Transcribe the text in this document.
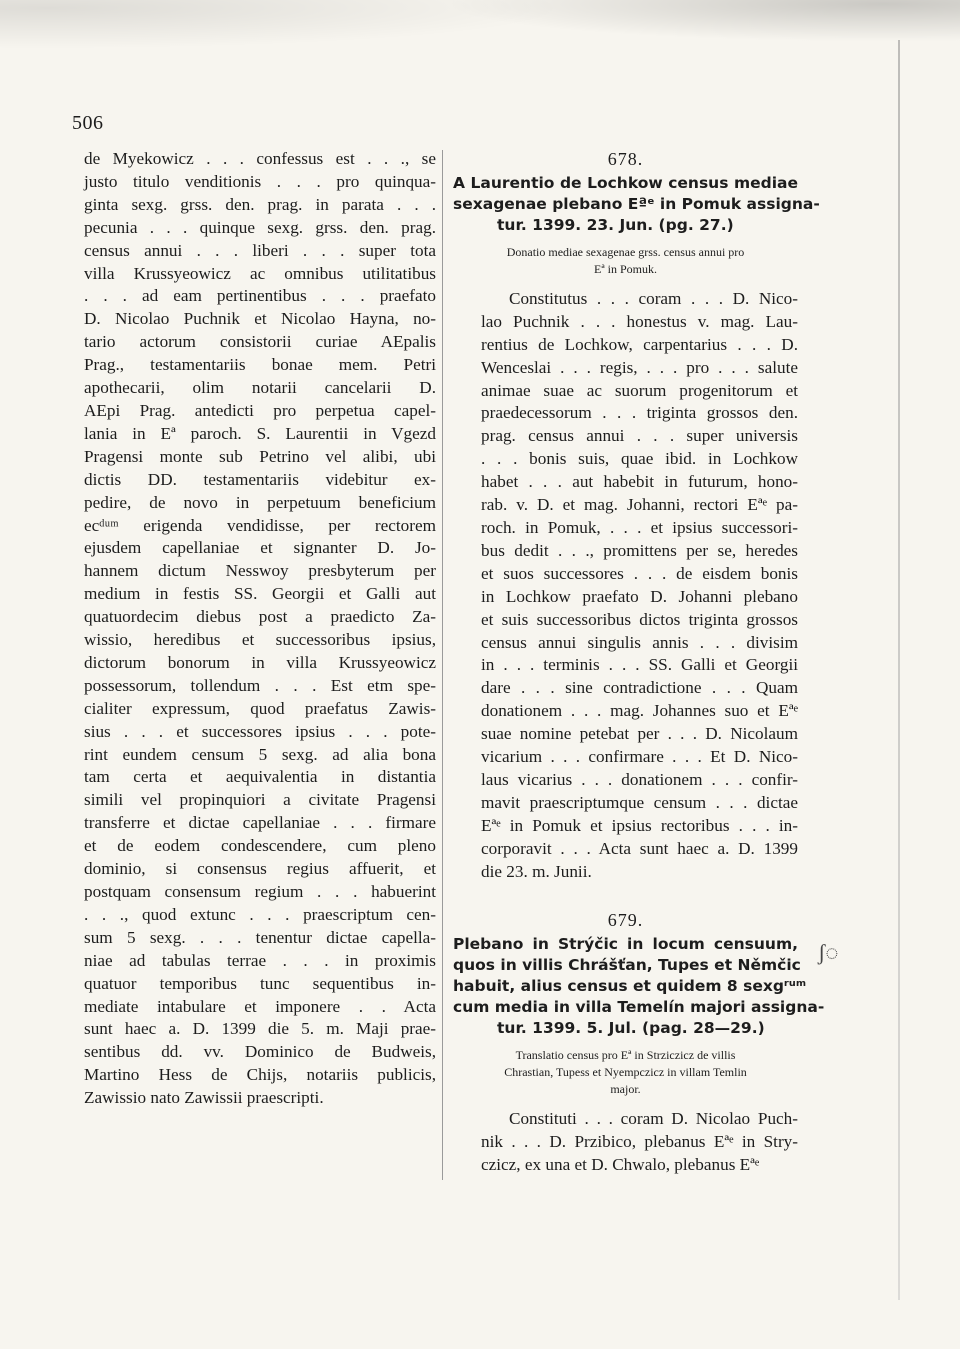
506
de Myekowicz . . . confessus est . . ., se
justo titulo venditionis . . . pro quinqua-
ginta sexg. grss. den. prag. in parata . . .
pecunia . . . quinque sexg. grss. den. prag.
census annui . . . liberi . . . super tota
villa Krussyeowicz ac omnibus utilitatibus
. . . ad eam pertinentibus . . . praefato
D. Nicolao Puchnik et Nicolao Hayna, no-
tario actorum consistorii curiae AEpalis
Prag., testamentariis bonae mem. Petri
apothecarii, olim notarii cancelarii D.
AEpi Prag. antedicti pro perpetua capel-
lania in Eª paroch. S. Laurentii in Vgezd
Pragensi monte sub Petrino vel alibi, ubi
dictis DD. testamentariis videbitur ex-
pedire, de novo in perpetuum beneficium
ecᵈᵘᵐ erigenda vendidisse, per rectorem
ejusdem capellaniae et signanter D. Jo-
hannem dictum Nesswoy presbyterum per
medium in festis SS. Georgii et Galli aut
quatuordecim diebus post a praedicto Za-
wissio, heredibus et successoribus ipsius,
dictorum bonorum in villa Krussyeowicz
possessorum, tollendum . . . Est etm spe-
cialiter expressum, quod praefatus Zawis-
sius . . . et successores ipsius . . . pote-
rint eundem censum 5 sexg. ad alia bona
tam certa et aequivalentia in distantia
simili vel propinquiori a civitate Pragensi
transferre et dictae capellaniae . . . firmare
et de eodem condescendere, cum pleno
dominio, si consensus regius affuerit, et
postquam consensum regium . . . habuerint
. . ., quod extunc . . . praescriptum cen-
sum 5 sexg. . . . tenentur dictae capella-
niae ad tabulas terrae . . . in proximis
quatuor temporibus tunc sequentibus in-
mediate intabulare et imponere . . Acta
sunt haec a. D. 1399 die 5. m. Maji prae-
sentibus dd. vv. Dominico de Budweis,
Martino Hess de Chijs, notariis publicis,
Zawissio nato Zawissii praescripti.
678.
A Laurentio de Lochkow census mediae
sexagenae plebano Eªᵉ in Pomuk assigna-
tur. 1399. 23. Jun. (pg. 27.)
Donatio mediae sexagenae grss. census annui pro
Eª in Pomuk.
Constitutus . . . coram . . . D. Nico-
lao Puchnik . . . honestus v. mag. Lau-
rentius de Lochkow, carpentarius . . . D.
Wenceslai . . . regis, . . . pro . . . salute
animae suae ac suorum progenitorum et
praedecessorum . . . triginta grossos den.
prag. census annui . . . super universis
. . . bonis suis, quae ibid. in Lochkow
habet . . . aut habebit in futurum, hono-
rab. v. D. et mag. Johanni, rectori Eªᵉ pa-
roch. in Pomuk, . . . et ipsius successori-
bus dedit . . ., promittens per se, heredes
et suos successores . . . de eisdem bonis
in Lochkow praefato D. Johanni plebano
et suis successoribus dictos triginta grossos
census annui singulis annis . . . divisim
in . . . terminis . . . SS. Galli et Georgii
dare . . . sine contradictione . . . Quam
donationem . . . mag. Johannes suo et Eªᵉ
suae nomine petebat per . . . D. Nicolaum
vicarium . . . confirmare . . . Et D. Nico-
laus vicarius . . . donationem . . . confir-
mavit praescriptumque censum . . . dictae
Eªᵉ in Pomuk et ipsius rectoribus . . . in-
corporavit . . . Acta sunt haec a. D. 1399
die 23. m. Junii.
679.
Plebano in Strýčic in locum censuum,
quos in villis Chrášťan, Tupes et Němčic
habuit, alius census et quidem 8 sexgʳᵘᵐ
cum media in villa Temelín majori assigna-
tur. 1399. 5. Jul. (pag. 28—29.)
Translatio census pro Eª in Strzicziсz de villis
Chrastian, Tupess et Nyempczicz in villam Temlin
major.
Constituti . . . coram D. Nicolao Puch-
nik . . . D. Przibico, plebanus Eªᵉ in Stry-
czicz, ex una et D. Chwalo, plebanus Eªᵉ
ʃ◌
